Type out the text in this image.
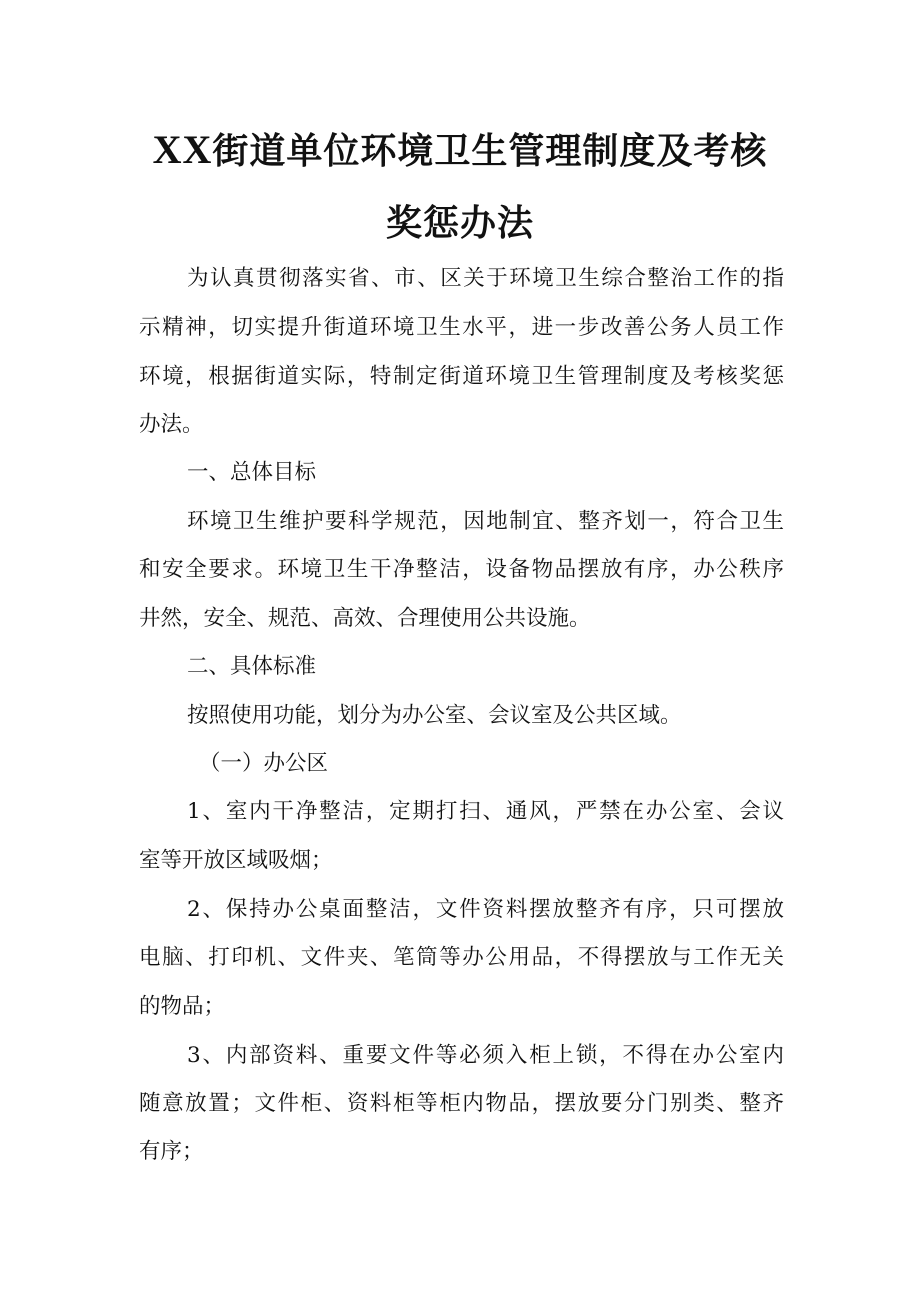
XX街道单位环境卫生管理制度及考核
奖惩办法
为认真贯彻落实省、市、区关于环境卫生综合整治工作的指
示精神，切实提升街道环境卫生水平，进一步改善公务人员工作
环境，根据街道实际，特制定街道环境卫生管理制度及考核奖惩
办法。
一、总体目标
环境卫生维护要科学规范，因地制宜、整齐划一，符合卫生
和安全要求。环境卫生干净整洁，设备物品摆放有序，办公秩序
井然，安全、规范、高效、合理使用公共设施。
二、具体标准
按照使用功能，划分为办公室、会议室及公共区域。
（一）办公区
1、室内干净整洁，定期打扫、通风，严禁在办公室、会议
室等开放区域吸烟；
2、保持办公桌面整洁，文件资料摆放整齐有序，只可摆放
电脑、打印机、文件夹、笔筒等办公用品，不得摆放与工作无关
的物品；
3、内部资料、重要文件等必须入柜上锁，不得在办公室内
随意放置；文件柜、资料柜等柜内物品，摆放要分门别类、整齐
有序；
